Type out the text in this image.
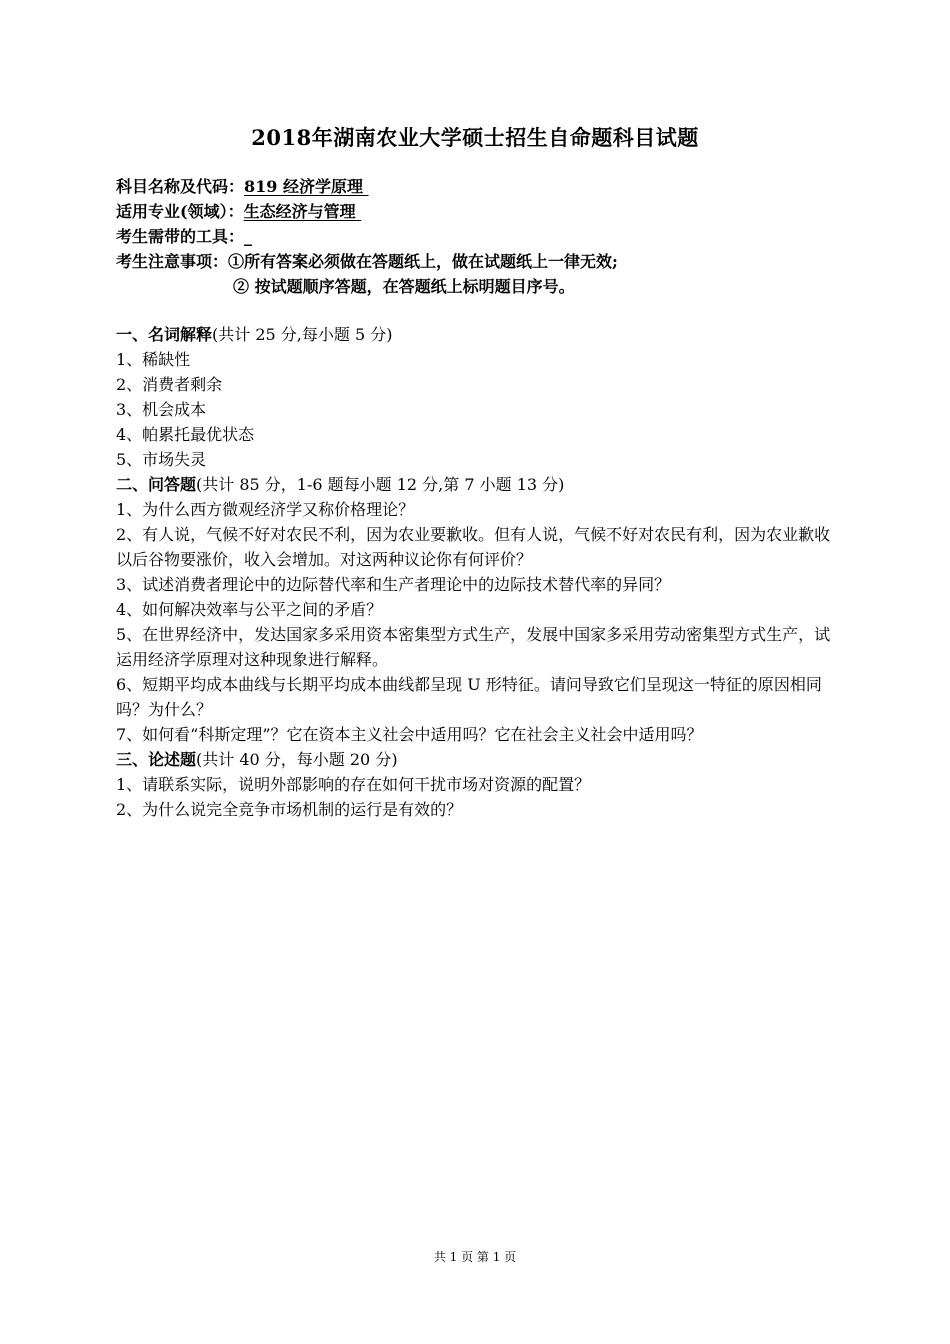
2018年湖南农业大学硕士招生自命题科目试题
科目名称及代码：819 经济学原理
适用专业(领域）：生态经济与管理
考生需带的工具：_
考生注意事项：①所有答案必须做在答题纸上，做在试题纸上一律无效;
② 按试题顺序答题，在答题纸上标明题目序号。
一、名词解释(共计 25 分,每小题 5 分)
1、稀缺性
2、消费者剩余
3、机会成本
4、帕累托最优状态
5、市场失灵
二、问答题(共计 85 分，1-6 题每小题 12 分,第 7 小题 13 分)
1、为什么西方微观经济学又称价格理论？
2、有人说，气候不好对农民不利，因为农业要歉收。但有人说，气候不好对农民有利，因为农业歉收以后谷物要涨价，收入会增加。对这两种议论你有何评价？
3、试述消费者理论中的边际替代率和生产者理论中的边际技术替代率的异同？
4、如何解决效率与公平之间的矛盾？
5、在世界经济中，发达国家多采用资本密集型方式生产，发展中国家多采用劳动密集型方式生产，试运用经济学原理对这种现象进行解释。
6、短期平均成本曲线与长期平均成本曲线都呈现 U 形特征。请问导致它们呈现这一特征的原因相同吗？为什么？
7、如何看“科斯定理”？它在资本主义社会中适用吗？它在社会主义社会中适用吗？
三、论述题(共计 40 分，每小题 20 分)
1、请联系实际，说明外部影响的存在如何干扰市场对资源的配置？
2、为什么说完全竞争市场机制的运行是有效的？
共 1 页 第 1 页
